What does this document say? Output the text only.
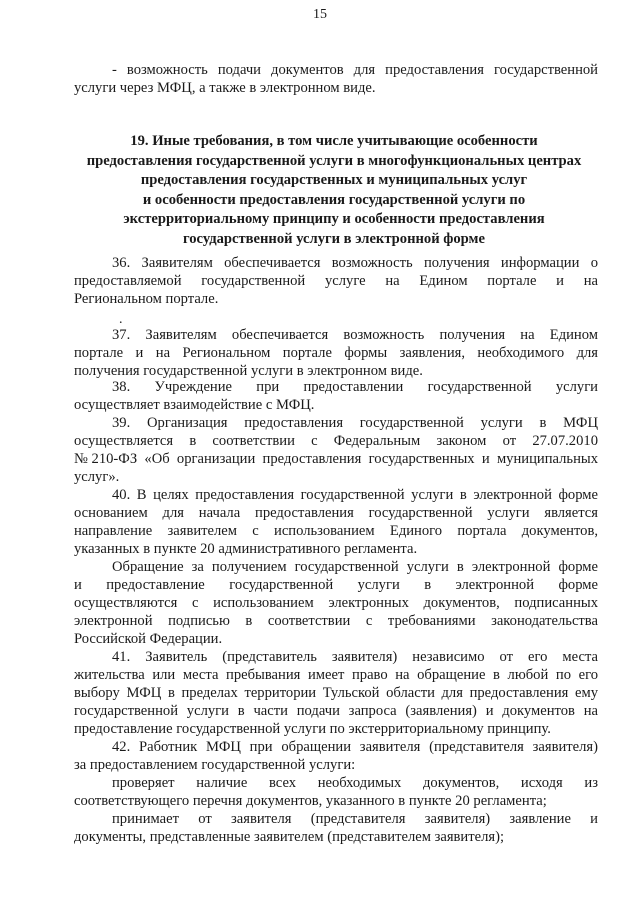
15
- возможность подачи документов для предоставления государственной
услуги через МФЦ, а также в электронном виде.
19. Иные требования, в том числе учитывающие особенности
предоставления государственной услуги в многофункциональных центрах
предоставления государственных и муниципальных услуг
и особенности предоставления государственной услуги по
экстерриториальному принципу и особенности предоставления
государственной услуги в электронной форме
36. Заявителям обеспечивается возможность получения информации о
предоставляемой государственной услуге на Едином портале и на
Региональном портале.
.
37. Заявителям обеспечивается возможность получения на Едином
портале и на Региональном портале формы заявления, необходимого для
получения государственной услуги в электронном виде.
38. Учреждение при предоставлении государственной услуги
осуществляет взаимодействие с МФЦ.
39. Организация предоставления государственной услуги в МФЦ
осуществляется в соответствии с Федеральным законом от 27.07.2010
№210-ФЗ «Об организации предоставления государственных и муниципальных
услуг».
40. В целях предоставления государственной услуги в электронной форме
основанием для начала предоставления государственной услуги является
направление заявителем с использованием Единого портала документов,
указанных в пункте 20 административного регламента.
Обращение за получением государственной услуги в электронной форме
и предоставление государственной услуги в электронной форме
осуществляются с использованием электронных документов, подписанных
электронной подписью в соответствии с требованиями законодательства
Российской Федерации.
41. Заявитель (представитель заявителя) независимо от его места
жительства или места пребывания имеет право на обращение в любой по его
выбору МФЦ в пределах территории Тульской области для предоставления ему
государственной услуги в части подачи запроса (заявления) и документов на
предоставление государственной услуги по экстерриториальному принципу.
42. Работник МФЦ при обращении заявителя (представителя заявителя)
за предоставлением государственной услуги:
проверяет наличие всех необходимых документов, исходя из
соответствующего перечня документов, указанного в пункте 20 регламента;
принимает от заявителя (представителя заявителя) заявление и
документы, представленные заявителем (представителем заявителя);
